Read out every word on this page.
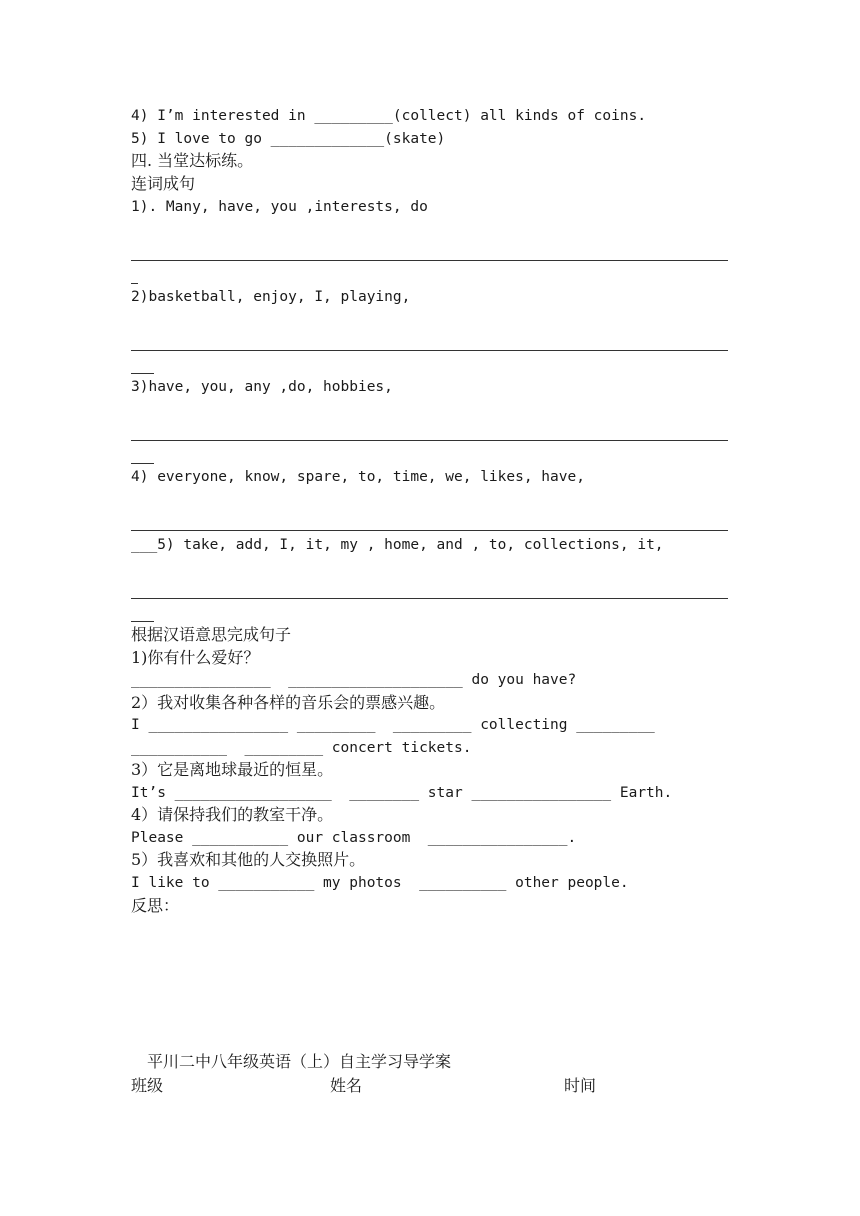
4) I’m interested in _________(collect) all kinds of coins.
5) I love to go _____________(skate)
四. 当堂达标练。
连词成句
1). Many, have, you ,interests, do
2)basketball, enjoy, I, playing,
3)have, you, any ,do, hobbies,
4) everyone, know, spare, to, time, we, likes, have,
___5) take, add, I, it, my , home, and , to, collections, it,
根据汉语意思完成句子
1)你有什么爱好？
________________  ____________________ do you have?
2）我对收集各种各样的音乐会的票感兴趣。
I ________________ _________  _________ collecting _________
___________  _________ concert tickets.
3）它是离地球最近的恒星。
It’s __________________  ________ star ________________ Earth.
4）请保持我们的教室干净。
Please ___________ our classroom  ________________.
5）我喜欢和其他的人交换照片。
I like to ___________ my photos  __________ other people.
反思：
平川二中八年级英语（上）自主学习导学案
班级	姓名	时间
